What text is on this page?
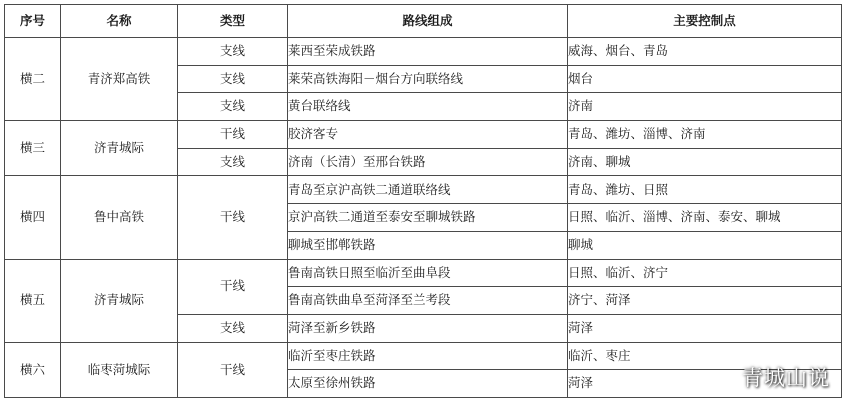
序号	名称	类型	路线组成	主要控制点
横二	青济郑高铁	支线	莱西至荣成铁路	威海、烟台、青岛
		支线	莱荣高铁海阳－烟台方向联络线	烟台
		支线	黄台联络线	济南
横三	济青城际	干线	胶济客专	青岛、潍坊、淄博、济南
		支线	济南（长清）至邢台铁路	济南、聊城
横四	鲁中高铁	干线	青岛至京沪高铁二通道联络线	青岛、潍坊、日照
			京沪高铁二通道至泰安至聊城铁路	日照、临沂、淄博、济南、泰安、聊城
			聊城至邯郸铁路	聊城
横五	济青城际	干线	鲁南高铁日照至临沂至曲阜段	日照、临沂、济宁
			鲁南高铁曲阜至菏泽至兰考段	济宁、菏泽
		支线	菏泽至新乡铁路	菏泽
横六	临枣菏城际	干线	临沂至枣庄铁路	临沂、枣庄
			太原至徐州铁路	菏泽	青城山说
